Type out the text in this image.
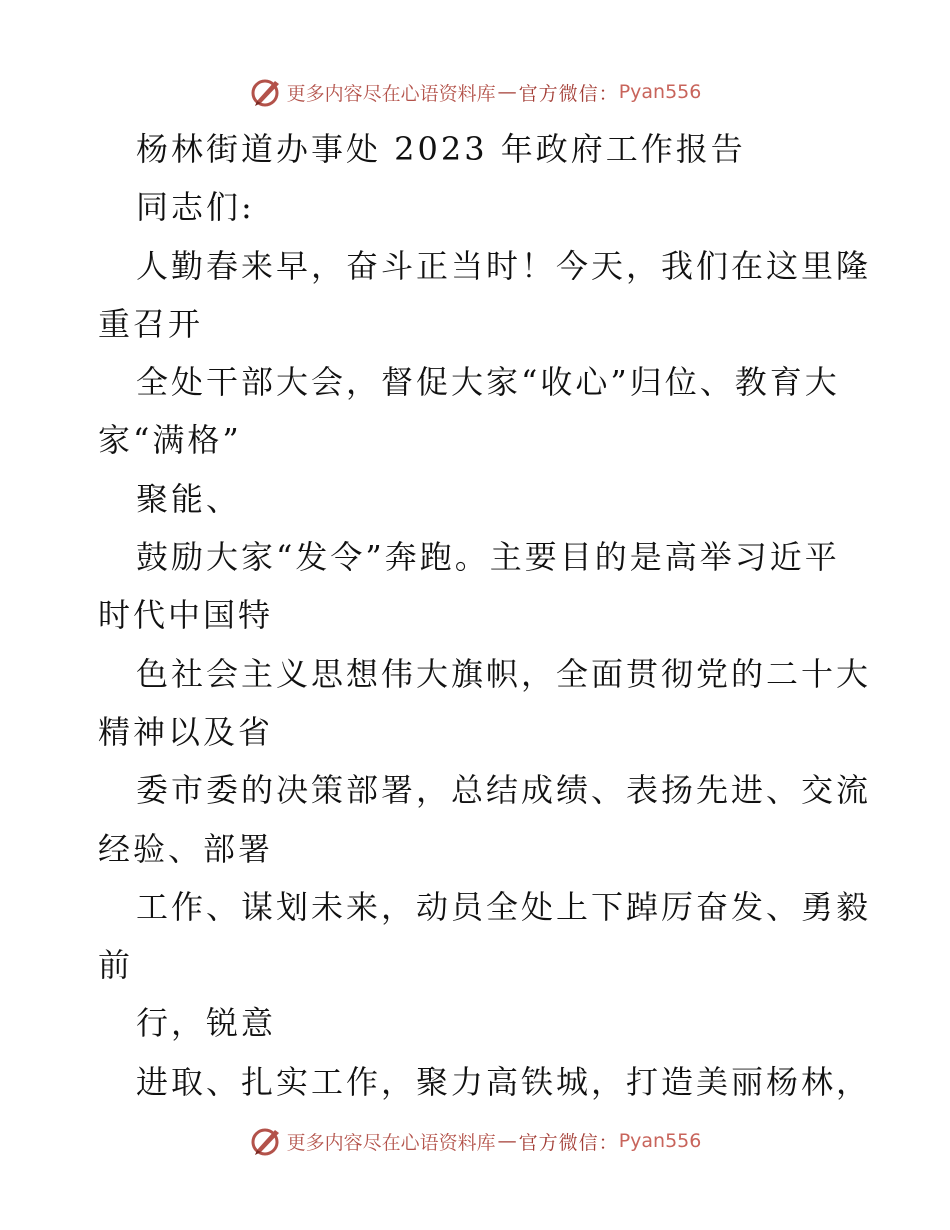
更多内容尽在心语资料库 — 官方微信： Pyan556
杨林街道办事处 2023 年政府工作报告
同志们:
人勤春来早，奋斗正当时！今天，我们在这里隆
重召开
全处干部大会，督促大家“收心”归位、教育大
家“满格”
聚能、
鼓励大家“发令”奔跑。主要目的是高举习近平
时代中国特
色社会主义思想伟大旗帜，全面贯彻党的二十大
精神以及省
委市委的决策部署，总结成绩、表扬先进、交流
经验、部署
工作、谋划未来，动员全处上下踔厉奋发、勇毅
前
行，锐意
进取、扎实工作，聚力高铁城，打造美丽杨林，
更多内容尽在心语资料库 — 官方微信： Pyan556
